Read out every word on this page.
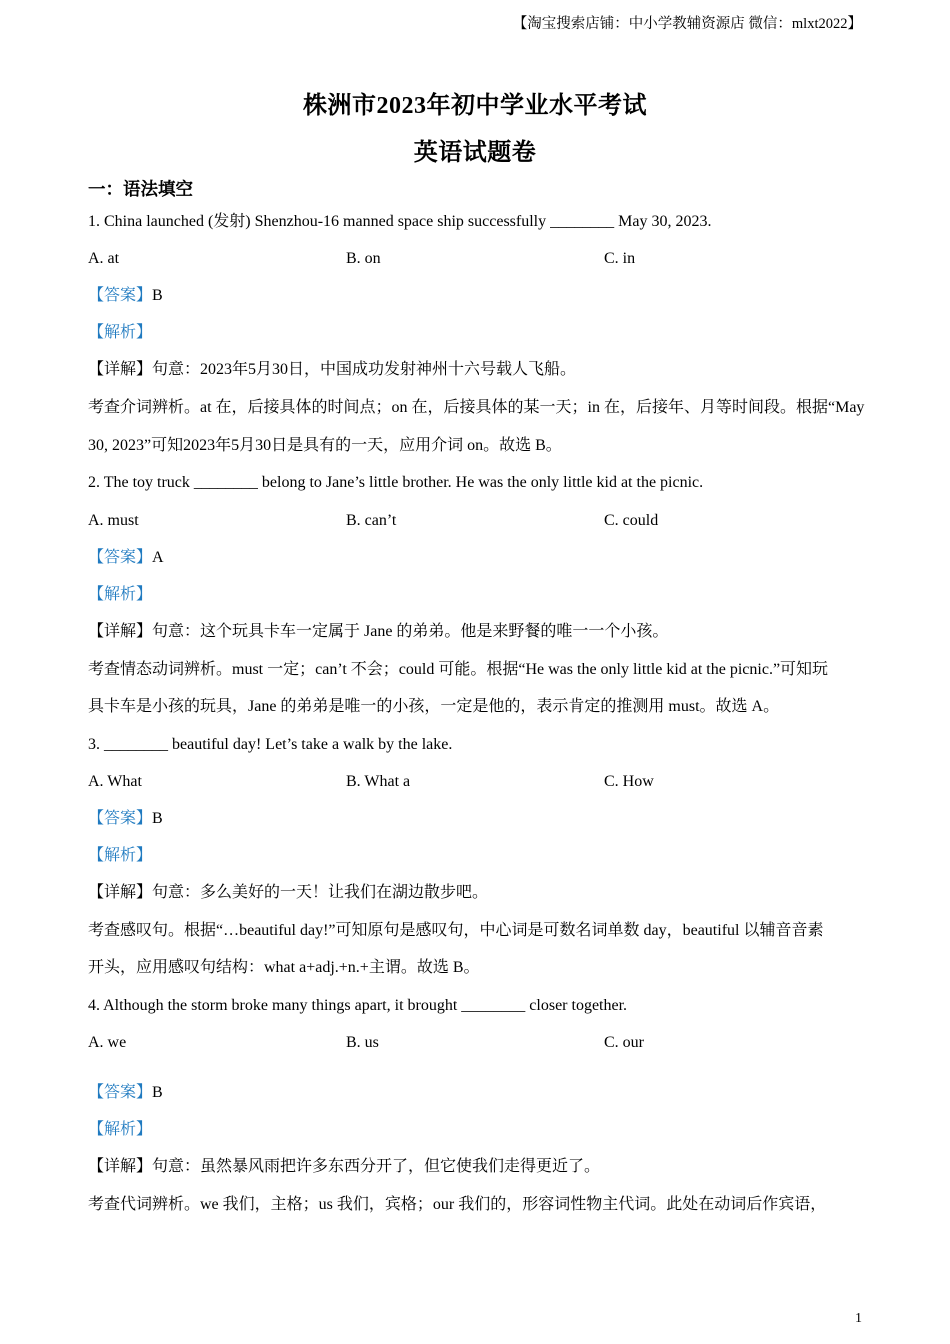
【淘宝搜索店铺：中小学教辅资源店 微信：mlxt2022】
株洲市2023年初中学业水平考试
英语试题卷
一：语法填空
1. China launched (发射) Shenzhou-16 manned space ship successfully ________ May 30, 2023.
A. at	B. on	C. in
【答案】B
【解析】
【详解】句意：2023年5月30日，中国成功发射神州十六号载人飞船。
考查介词辨析。at 在，后接具体的时间点；on 在，后接具体的某一天；in 在，后接年、月等时间段。根据“May
30, 2023”可知2023年5月30日是具有的一天，应用介词 on。故选 B。
2. The toy truck ________ belong to Jane’s little brother. He was the only little kid at the picnic.
A. must	B. can’t	C. could
【答案】A
【解析】
【详解】句意：这个玩具卡车一定属于 Jane 的弟弟。他是来野餐的唯一一个小孩。
考查情态动词辨析。must 一定；can’t 不会；could 可能。根据“He was the only little kid at the picnic.”可知玩
具卡车是小孩的玩具，Jane 的弟弟是唯一的小孩，一定是他的，表示肯定的推测用 must。故选 A。
3. ________ beautiful day! Let’s take a walk by the lake.
A. What	B. What a	C. How
【答案】B
【解析】
【详解】句意：多么美好的一天！让我们在湖边散步吧。
考查感叹句。根据“…beautiful day!”可知原句是感叹句，中心词是可数名词单数 day，beautiful 以辅音音素
开头，应用感叹句结构：what a+adj.+n.+主谓。故选 B。
4. Although the storm broke many things apart, it brought ________ closer together.
A. we	B. us	C. our
【答案】B
【解析】
【详解】句意：虽然暴风雨把许多东西分开了，但它使我们走得更近了。
考查代词辨析。we 我们，主格；us 我们，宾格；our 我们的，形容词性物主代词。此处在动词后作宾语，
1
